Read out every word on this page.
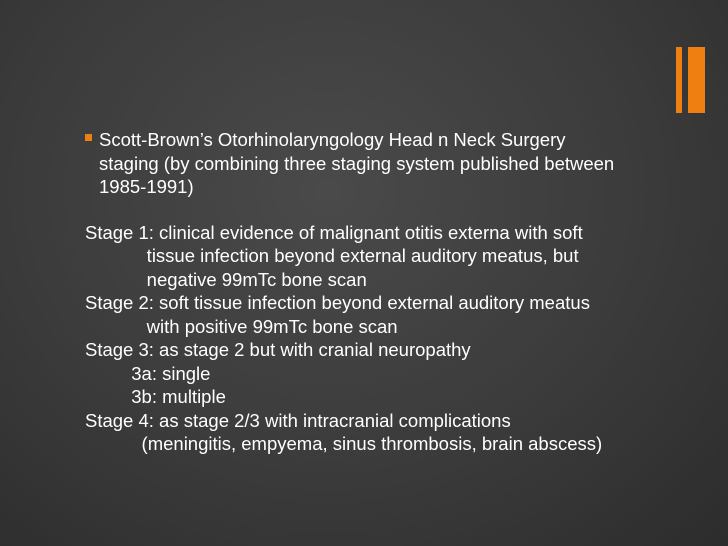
Scott-Brown’s Otorhinolaryngology Head n Neck Surgery
staging (by combining three staging system published between
1985-1991)
Stage 1: clinical evidence of malignant otitis externa with soft
tissue infection beyond external auditory meatus, but
negative 99mTc bone scan
Stage 2: soft tissue infection beyond external auditory meatus
with positive 99mTc bone scan
Stage 3: as stage 2 but with cranial neuropathy
3a: single
3b: multiple
Stage 4: as stage 2/3 with intracranial complications
(meningitis, empyema, sinus thrombosis, brain abscess)
